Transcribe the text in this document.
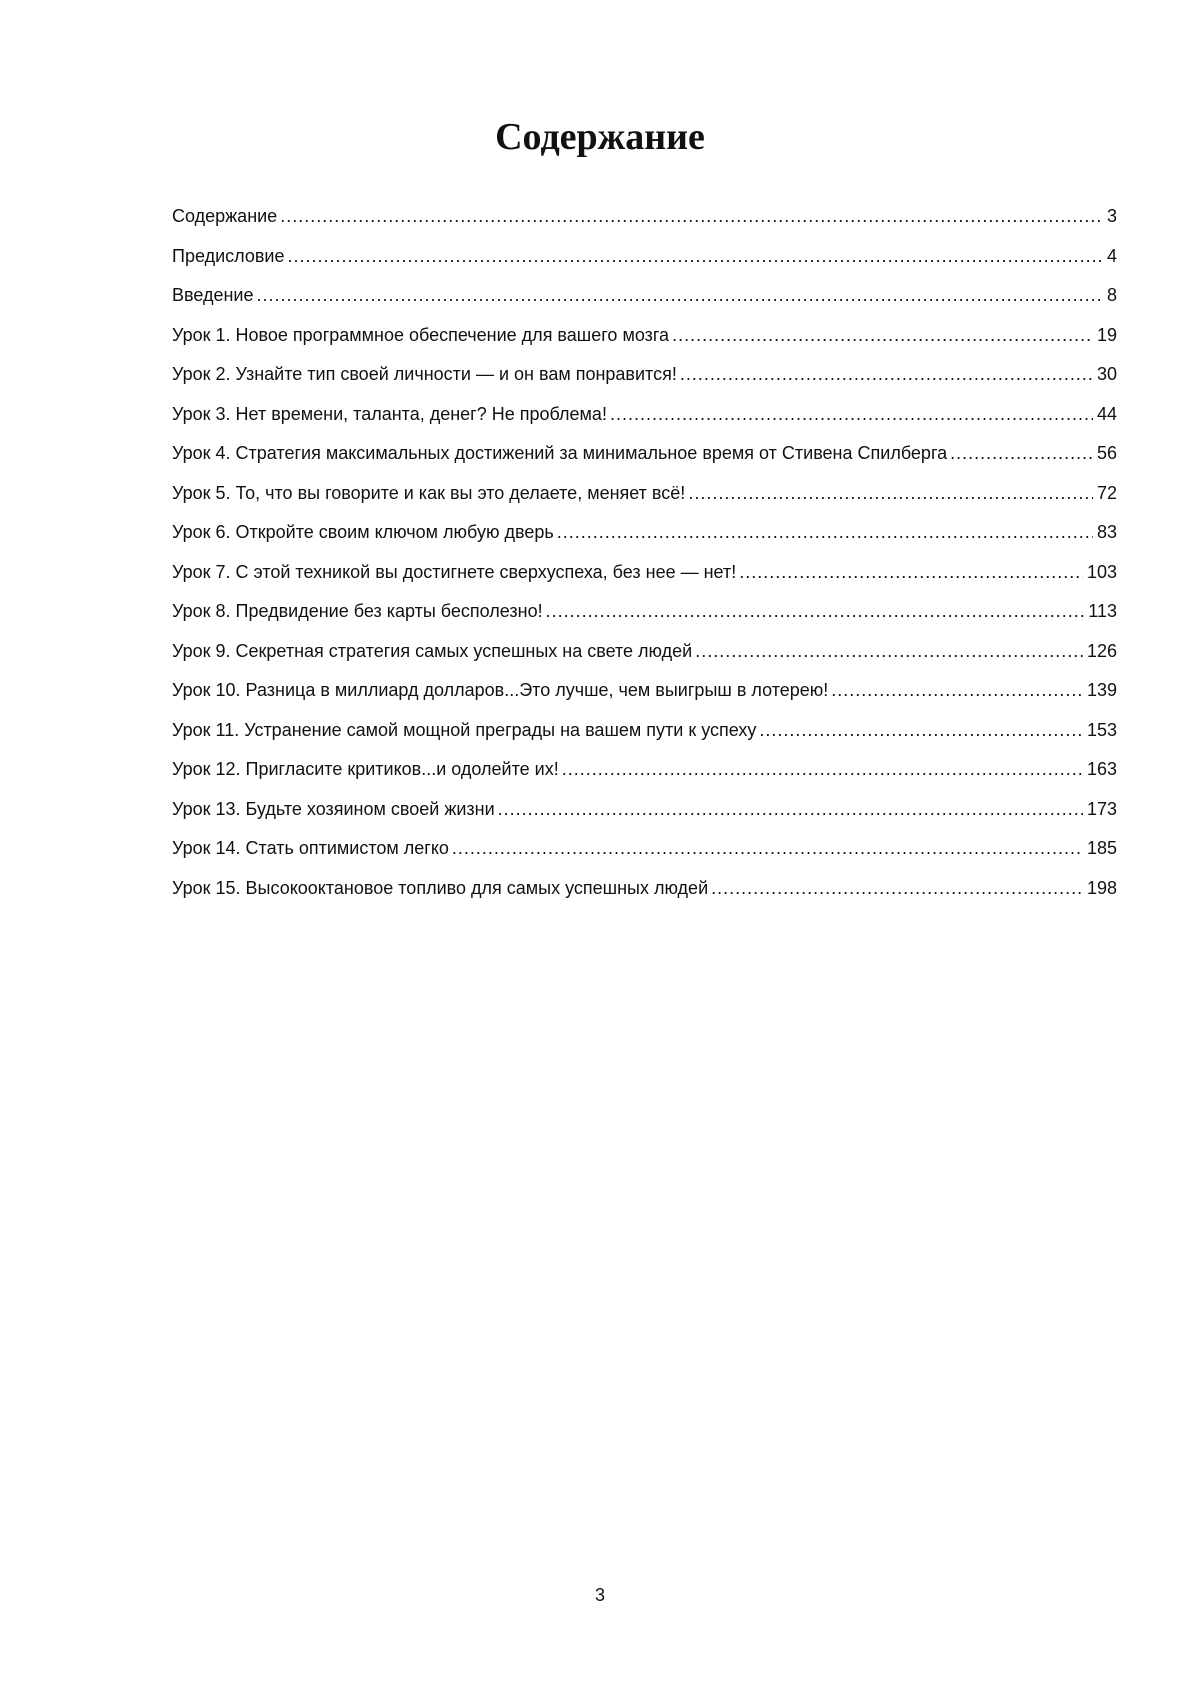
Содержание
Содержание .....	3
Предисловие .....	4
Введение .....	8
Урок 1. Новое программное обеспечение для вашего мозга .....	19
Урок 2. Узнайте тип своей личности — и он вам понравится! .....	30
Урок 3. Нет времени, таланта, денег? Не проблема! .....	44
Урок 4. Стратегия максимальных достижений за минимальное время от Стивена Спилберга .....	56
Урок 5. То, что вы говорите и как вы это делаете, меняет всё! .....	72
Урок 6. Откройте своим ключом любую дверь .....	83
Урок 7. С этой техникой вы достигнете сверхуспеха, без нее — нет! .....	103
Урок 8. Предвидение без карты бесполезно! .....	113
Урок 9. Секретная стратегия самых успешных на свете людей .....	126
Урок 10. Разница в миллиард долларов...Это лучше, чем выигрыш в лотерею! .....	139
Урок 11. Устранение самой мощной преграды на вашем пути к успеху .....	153
Урок 12. Пригласите критиков...и одолейте их! .....	163
Урок 13. Будьте хозяином своей жизни .....	173
Урок 14. Стать оптимистом легко .....	185
Урок 15. Высокооктановое топливо для самых успешных людей .....	198
3
